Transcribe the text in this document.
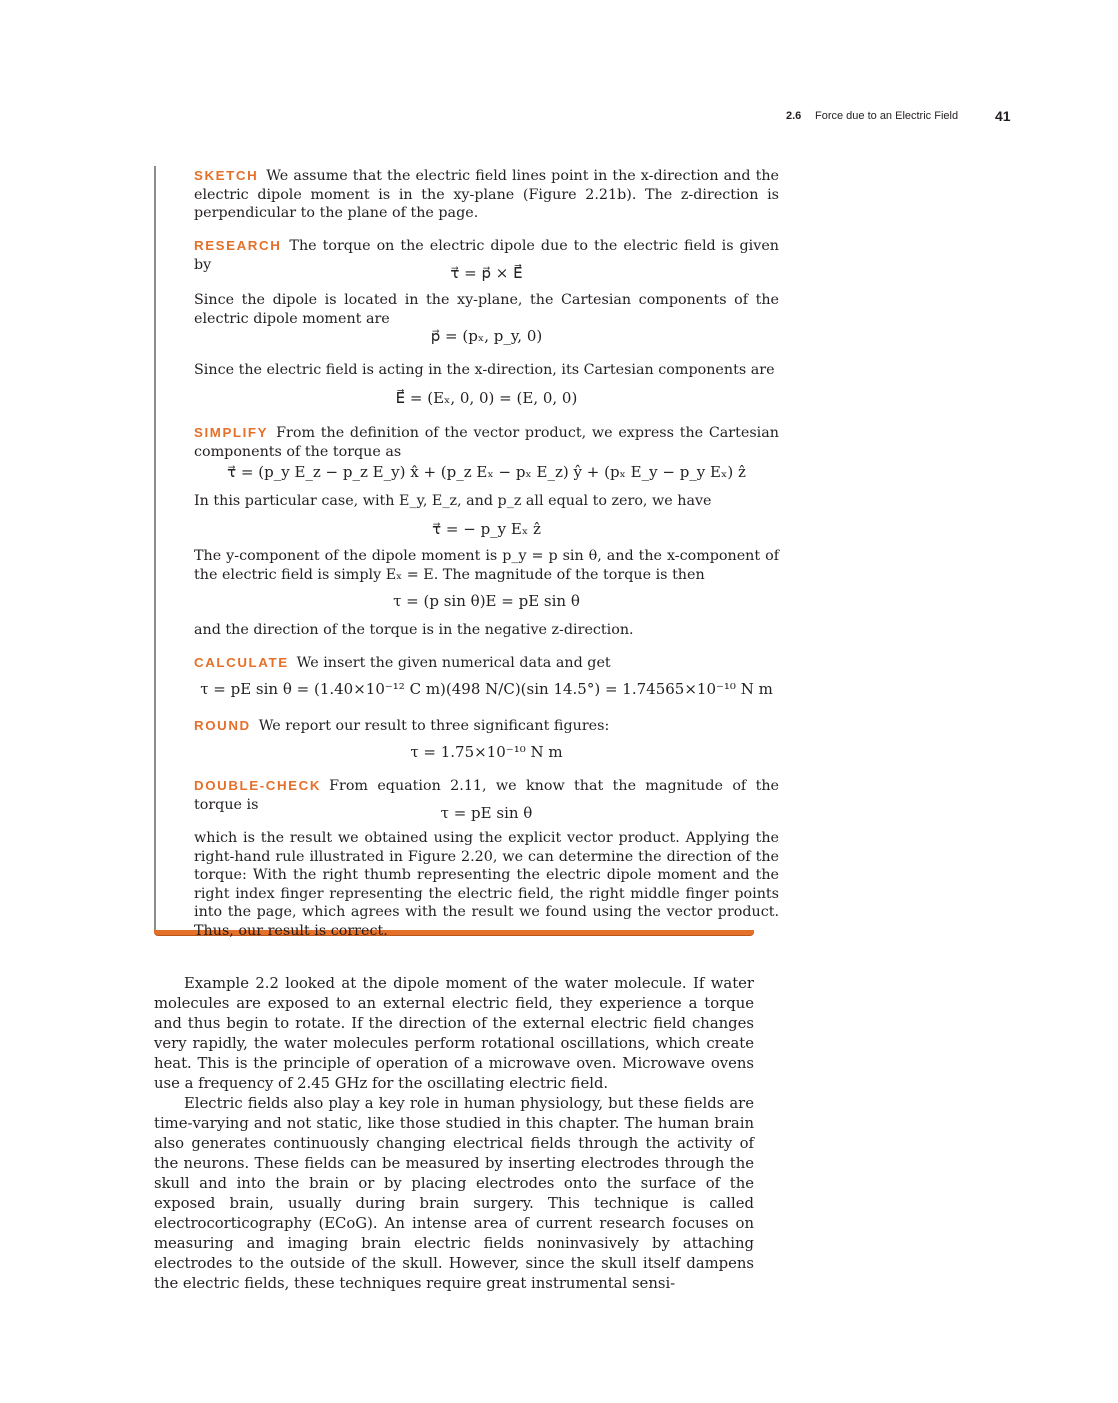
2.6 Force due to an Electric Field	41

SKETCH We assume that the electric field lines point in the x-direction and the electric dipole moment is in the xy-plane (Figure 2.21b). The z-direction is perpendicular to the plane of the page.

RESEARCH The torque on the electric dipole due to the electric field is given by	τ⃗ = p⃗ × E⃗

Since the dipole is located in the xy-plane, the Cartesian components of the electric dipole moment are

p⃗ = (pₓ, p_y, 0)

Since the electric field is acting in the x-direction, its Cartesian components are

E⃗ = (Eₓ, 0, 0) = (E, 0, 0)

SIMPLIFY From the definition of the vector product, we express the Cartesian components of the torque as

τ⃗ = (p_y E_z − p_z E_y) x̂ + (p_z Eₓ − pₓ E_z) ŷ + (pₓ E_y − p_y Eₓ) ẑ

In this particular case, with E_y, E_z, and p_z all equal to zero, we have

τ⃗ = − p_y Eₓ ẑ

The y-component of the dipole moment is p_y = p sin θ, and the x-component of the electric field is simply Eₓ = E. The magnitude of the torque is then

τ = (p sin θ)E = pE sin θ

and the direction of the torque is in the negative z-direction.

CALCULATE We insert the given numerical data and get

τ = pE sin θ = (1.40×10⁻¹² C m)(498 N/C)(sin 14.5°) = 1.74565×10⁻¹⁰ N m

ROUND We report our result to three significant figures:

τ = 1.75×10⁻¹⁰ N m

DOUBLE-CHECK From equation 2.11, we know that the magnitude of the torque is	τ = pE sin θ

which is the result we obtained using the explicit vector product. Applying the right-hand rule illustrated in Figure 2.20, we can determine the direction of the torque: With the right thumb representing the electric dipole moment and the right index finger representing the electric field, the right middle finger points into the page, which agrees with the result we found using the vector product. Thus, our result is correct.

Example 2.2 looked at the dipole moment of the water molecule. If water molecules are exposed to an external electric field, they experience a torque and thus begin to rotate. If the direction of the external electric field changes very rapidly, the water molecules perform rotational oscillations, which create heat. This is the principle of operation of a microwave oven. Microwave ovens use a frequency of 2.45 GHz for the oscillating electric field.

Electric fields also play a key role in human physiology, but these fields are time-varying and not static, like those studied in this chapter. The human brain also generates continuously changing electrical fields through the activity of the neurons. These fields can be measured by inserting electrodes through the skull and into the brain or by placing electrodes onto the surface of the exposed brain, usually during brain surgery. This technique is called electrocorticography (ECoG). An intense area of current research focuses on measuring and imaging brain electric fields noninvasively by attaching electrodes to the outside of the skull. However, since the skull itself dampens the electric fields, these techniques require great instrumental sensi-
